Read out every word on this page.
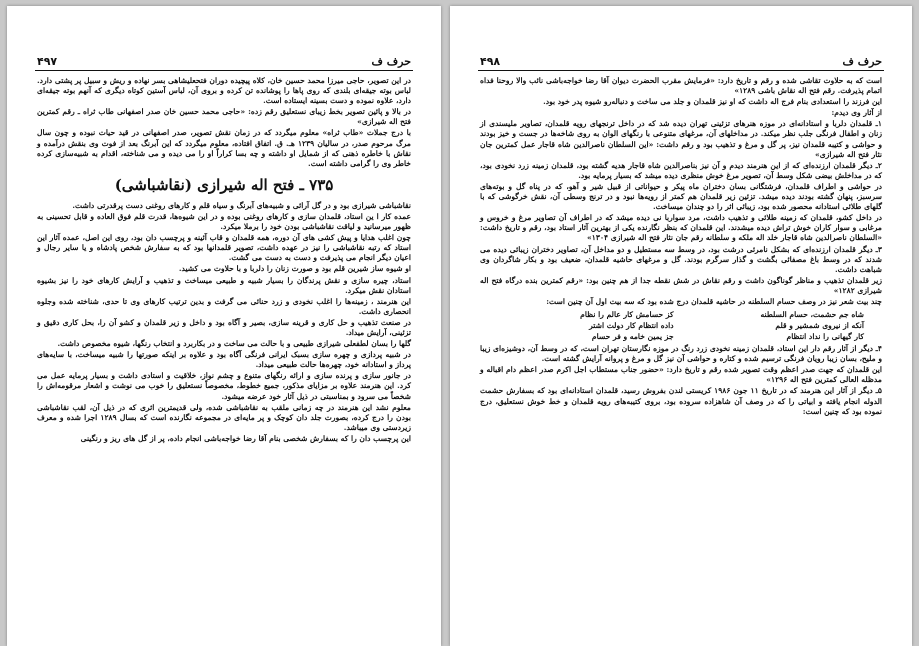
۴۹۷	حرف ف

در این تصویر، حاجی میرزا محمد حسین خان، کلاه پیچیده دوران فتحعلیشاهی بسر نهاده و ریش و سبیل پر پشتی دارد. لباس بوته جیقه‌ای بلندی که روی پاها را پوشانده تن کرده و بروی آن، لباس آستین کوتاه دیگری که آنهم بوته جیقه‌ای دارد، علاوه نموده و دست بسینه ایستاده است.

در بالا و پائین تصویر بخط زیبای نستعلیق رقم زده: «حاجی محمد حسین خان صدر اصفهانی طاب ثراه ـ رقم کمترین فتح اله شیرازی»

با درج جملات «طاب ثراه» معلوم میگردد که در زمان نقش تصویر، صدر اصفهانی در قید حیات نبوده و چون سال مرگ مرحوم صدر، در سالیان ۱۲۳۹ هـ. ق. اتفاق افتاده، معلوم میگردد که این آبرنگ بعد از فوت وی بنقش درآمده و نقاش با خاطره ذهنی که از شمایل او داشته و چه بسا کراراً او را می دیده و می شناخته، اقدام به شبیه‌سازی کرده خاطر وی را گرامی داشته است.

۷۳۵ ـ فتح اله شیرازی (نقاشباشی)

نقاشباشی شیرازی بود و در گل آرائی و شبیه‌های آبرنگ و سیاه قلم و کارهای روغنی دست پرقدرتی داشت.

عمده کار ا ین استاد، قلمدان سازی و کارهای روغنی بوده و در این شیوه‌ها، قدرت قلم فوق العاده و قابل تحسینی به ظهور میرسانید و لیاقت نقاشباشی بودن خود را برملا میکرد.

چون اغلب هدایا و پیش کشی های آن دوره، همه قلمدان و قاب آئینه و پرچسب دان بود، روی این اصل، عمده آثار این استاد که رتبه نقاشباشی را نیز در عهده داشت، تصویر قلمدانها بود که به سفارش شخص پادشاه و یا سایر رجال و اعیان دیگر انجام می پذیرفت و دست به دست می گشت.

او شیوه ساز شیرین قلم بود و صورت زنان را دلربا و با حلاوت می کشید.

استاد، چیره‌ سازی و نقش پرندگان را بسیار شبیه و طبیعی میساخت و تذهیب و آرایش کارهای خود را نیز بشیوه استادان نقش میکرد.

این هنرمند ، زمینه‌ها را اغلب نخودی و زرد حنائی می گرفت و بدین ترتیب کارهای وی تا حدی، شناخته شده وجلوه انحصاری داشت.

در صنعت تذهیب و حل کاری و قرینه سازی، بصیر و آگاه بود و داخل و زیر قلمدان و کشو آن را، بحل کاری دقیق و تزئینی، آرایش میداد.

گلها را بسان لطفعلی شیرازی طبیعی و با حالت می ساخت و در بکاربرد و انتخاب رنگها، شیوه مخصوص داشت.

در شبیه پردازی و چهره سازی بسبک ایرانی فرنگی آگاه بود و علاوه بر اینکه صورتها را شبیه میساخت، با سایه‌های پرداز و استادانه خود، چهره‌ها حالت طبیعی میداد.

در جانور سازی و پرنده سازی و ارائه رنگهای متنوع و چشم نواز، خلاقیت و استادی داشت و بسیار پرمایه عمل می کرد. این هنرمند علاوه بر مزایای مذکور، جمیع خطوط، مخصوصاً نستعلیق را خوب می نوشت و اشعار مرقومه‌اش را شخصاً می سرود و بمناسبتی در ذیل آثار خود عرضه میشود.

معلوم نشد این هنرمند در چه زمانی ملقب به نقاشباشی شده، ولی قدیمترین اثری که در ذیل آن، لقب نقاشباشی بودن را درج کرده، بصورت جلد دان کوچک و پر مایه‌ای در مجموعه نگارنده است که بسال ۱۲۸۹ اجرا شده و معرف زیردستی وی میباشد.

این پرچسب دان را که بسفارش شخصی بنام آقا رضا خواجه‌باشی انجام داده، پر از گل های ریز و رنگینی

۴۹۸	حرف ف

است که به حلاوت تقاشی شده و رقم و تاریخ دارد: «فرمایش مقرب الحضرت دیوان آقا رضا خواجه‌باشی نائب والا روحنا فداه اتمام پذیرفت. رقم فتح اله نقاش باشی ۱۲۸۹»

این فرزند را استعدادی بنام فرج اله داشت که او نیز قلمدان و جلد می ساخت و دنباله‌رو شیوه پدر خود بود.

از آثار وی دیدم:

۱ـ قلمدان دلربا و استادانه‌ای در موزه هنرهای تزئینی تهران دیده شد که در داخل ترنجهای رویه قلمدان، تصاویر ملیسندی از زنان و اطفال فرنگی جلب نظر میکند. در مداخلهای آن، مرغهای متنوعی با رنگهای الوان به روی شاخه‌ها در جست و خیز بودند و حواشی و کتیبه قلمدان نیز، پر گل و مرغ و تذهیب بود و رقم داشت: «این السلطان ناصرالدین شاه قاجار عمل کمترین جان نثار فتح اله شیرازی»

۲ـ دیگر قلمدان ارزنده‌ای که از این هنرمند دیدم و آن نیز بناصرالدین شاه قاجار هدیه گشته بود، قلمدان زمینه زرد نخودی بود، که در مداخلش بیضی شکل وسط آن، تصویر مرغ خوش منظری دیده میشد که بسیار پرمایه بود.

در حواشی و اطراف قلمدان، فرشتگانی بسان دختران ماه پیکر و حیواناتی از قبیل شیر و آهو، که در پناه گل و بوته‌های سرسبز، پنهان گشته بودند دیده میشد. تزئین زیر قلمدان هم کمتر از رویه‌ها نبود و در ترنج وسطی آن، نقش خرگوشی که با گلهای طلائی استادانه محصور شده بود، زیبائی اثر را دو چندان میساخت.

در داخل کشو، قلمدان که زمینه طلائی و تذهیب داشت، مرد سواربا نی دیده میشد که در اطراف آن تصاویر مرغ و خروس و مرغابی و سوار کاران خوش تراش دیده میشدند. این قلمدان که بنظر نگارنده یکی از بهترین آثار استاد بود، رقم و تاریخ داشت: «السلطان ناصرالدین شاه قاجار خلد اله ملکه و سلطانه رقم جان نثار فتح اله شیرازی ۱۳۰۴»

۳ـ دیگر قلمدان ارزنده‌ای که بشکل نامرئی درشت بود، در وسط سه مستطیل و دو مداخل آن، تصاویر دختران زیبائی دیده می شدند که در وسط باغ مصفائی بگشت و گذار سرگرم بودند. گل و مرغهای حاشیه قلمدان، ضعیف بود و بکار شاگردان وی شباهت داشت.

زیر قلمدان تذهیب و مناظر گوناگون داشت و رقم نقاش در شش نقطه جدا از هم چنین بود: «رقم کمترین بنده درگاه فتح اله شیرازی ۱۲۸۲»

چند بیت شعر نیز در وصف حسام السلطنه در حاشیه قلمدان درج شده بود که سه بیت اول آن چنین است:

شاه جم حشمت، حسام السلطنه
کز حسامش کار عالم را نظام
آنکه از نیروی شمشیر و قلم
داده انتظام کار دولت اشتر
کار گیهانی را نداد انتظام
جز یمین خامه و فر حسام

۴ـ دیگر از آثار رقم دار این استاد، قلمدان زمینه نخودی زرد رنگ در موزه نگارستان تهران است، که در وسط آن، دوشیزه‌ای زیبا و ملیح، بسان زیبا رویان فرنگی ترسیم شده و کتاره و حواشی آن نیز گل و مرغ و پروانه آرایش گشته است.

این قلمدان که جهت صدر اعظم وقت تصویر شده رقم و تاریخ دارد: «حضور جناب مستطاب اجل اکرم صدر اعظم دام اقباله و مدظله العالی کمترین فتح اله ۱۲۹۶»

۵ـ دیگر از آثار این هنرمند که در تاریخ ۱۱ جون ۱۹۸۶ کریستی لندن بفروش رسید، قلمدان استادانه‌ای بود که بسفارش حشمت الدوله انجام یافته و ابیاتی را که در وصف آن شاهزاده سروده بود، بروی کتیبه‌های رویه قلمدان و خط خوش نستعلیق، درج نموده بود که چنین است:
